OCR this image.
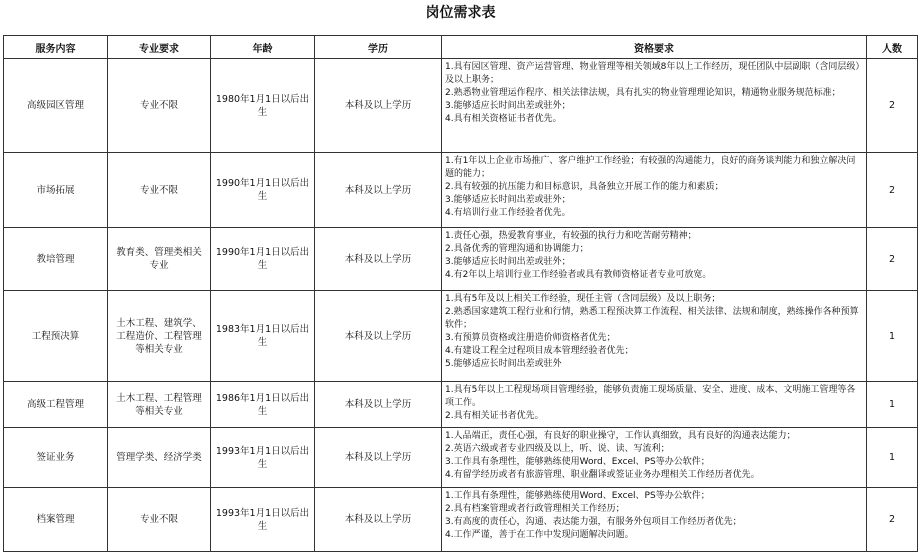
岗位需求表
服务内容	专业要求	年龄	学历	资格要求	人数
高级园区管理	专业不限	1980年1月1日以后出生	本科及以上学历	1.具有园区管理、资产运营管理、物业管理等相关领域8年以上工作经历，现任团队中层副职（含同层级）及以上职务；
2.熟悉物业管理运作程序、相关法律法规，具有扎实的物业管理理论知识，精通物业服务规范标准；
3.能够适应长时间出差或驻外；
4.具有相关资格证书者优先。	2
市场拓展	专业不限	1990年1月1日以后出生	本科及以上学历	1.有1年以上企业市场推广、客户维护工作经验；有较强的沟通能力，良好的商务谈判能力和独立解决问题的能力；
2.具有较强的抗压能力和目标意识，具备独立开展工作的能力和素质；
3.能够适应长时间出差或驻外；
4.有培训行业工作经验者优先。	2
教培管理	教育类、管理类相关专业	1990年1月1日以后出生	本科及以上学历	1.责任心强，热爱教育事业，有较强的执行力和吃苦耐劳精神；
2.具备优秀的管理沟通和协调能力；
3.能够适应长时间出差或驻外；
4.有2年以上培训行业工作经验者或具有教师资格证者专业可放宽。	2
工程预决算	土木工程、建筑学、工程造价、工程管理等相关专业	1983年1月1日以后出生	本科及以上学历	1.具有5年及以上相关工作经验，现任主管（含同层级）及以上职务；
2.熟悉国家建筑工程行业和行情，熟悉工程预决算工作流程、相关法律、法规和制度，熟练操作各种预算软件；
3.有预算员资格或注册造价师资格者优先；
4.有建设工程全过程项目成本管理经验者优先；
5.能够适应长时间出差或驻外	1
高级工程管理	土木工程、工程管理等相关专业	1986年1月1日以后出生	本科及以上学历	1.具有5年以上工程现场项目管理经验，能够负责施工现场质量、安全、进度、成本、文明施工管理等各项工作。
2.具有相关证书者优先。	1
签证业务	管理学类、经济学类	1993年1月1日以后出生	本科及以上学历	1.人品端正，责任心强，有良好的职业操守，工作认真细致，具有良好的沟通表达能力；
2.英语六级或者专业四级及以上，听、说、读、写流利；
3.工作具有条理性，能够熟练使用Word、Excel、PS等办公软件；
4.有留学经历或者有旅游管理、职业翻译或签证业务办理相关工作经历者优先。	1
档案管理	专业不限	1993年1月1日以后出生	本科及以上学历	1.工作具有条理性，能够熟练使用Word、Excel、PS等办公软件；
2.具有档案管理或者行政管理相关工作经历；
3.有高度的责任心，沟通、表达能力强，有服务外包项目工作经历者优先；
4.工作严谨，善于在工作中发现问题解决问题。	2
